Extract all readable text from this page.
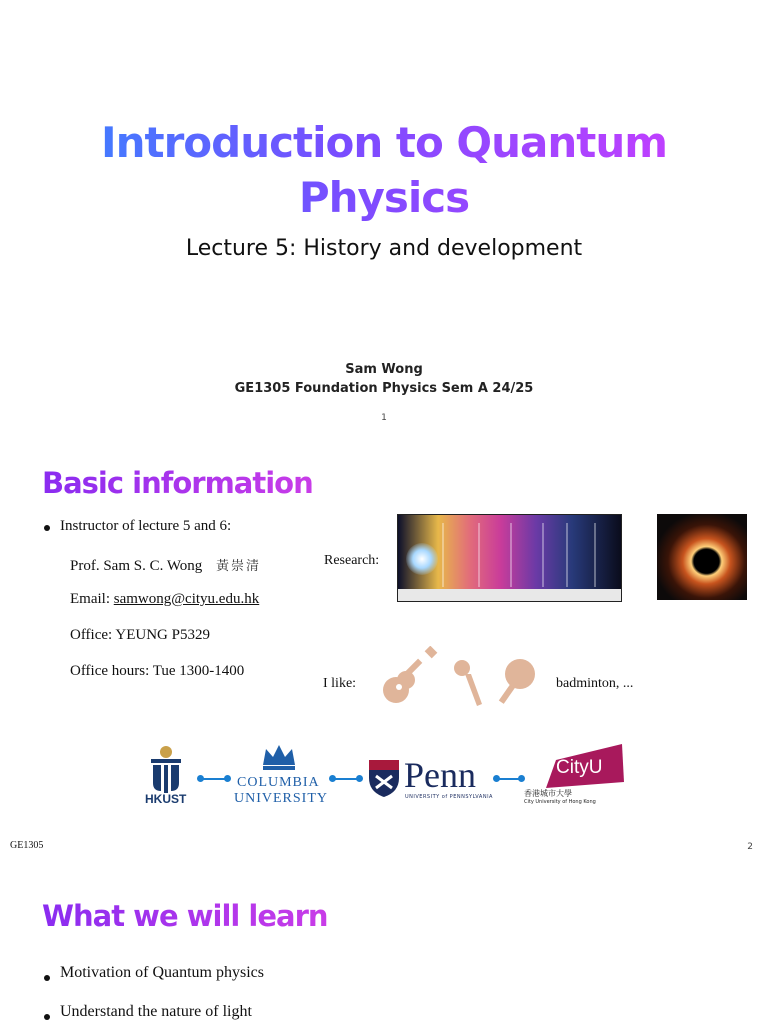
Introduction to Quantum
Physics
Lecture 5: History and development
Sam Wong
GE1305 Foundation Physics Sem A 24/25
1
Basic information
Instructor of lecture 5 and 6:
Prof. Sam S. C. Wong 黃崇清
Email: samwong@cityu.edu.hk
Office: YEUNG P5329
Office hours: Tue 1300-1400
Research:
I like:	badminton, ...
HKUST
COLUMBIA
UNIVERSITY
Penn
UNIVERSITY of PENNSYLVANIA
CityU
香港城市大學
City University of Hong Kong
GE1305	2
What we will learn
Motivation of Quantum physics
Understand the nature of light
